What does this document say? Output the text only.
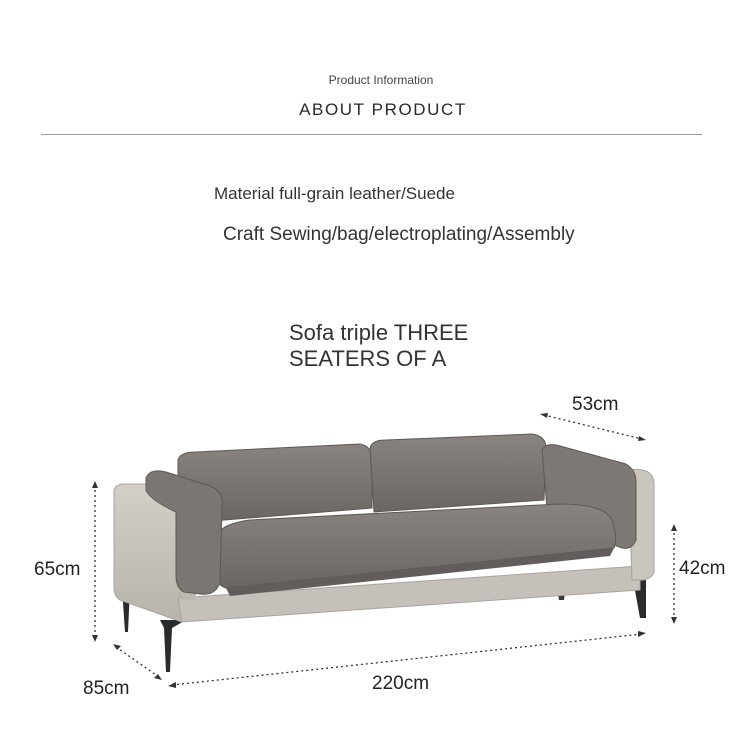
Product Information
ABOUT PRODUCT
Material full-grain leather/Suede
Craft Sewing/bag/electroplating/Assembly
Sofa triple THREE
SEATERS OF A
53cm
65cm	42cm
85cm	220cm
